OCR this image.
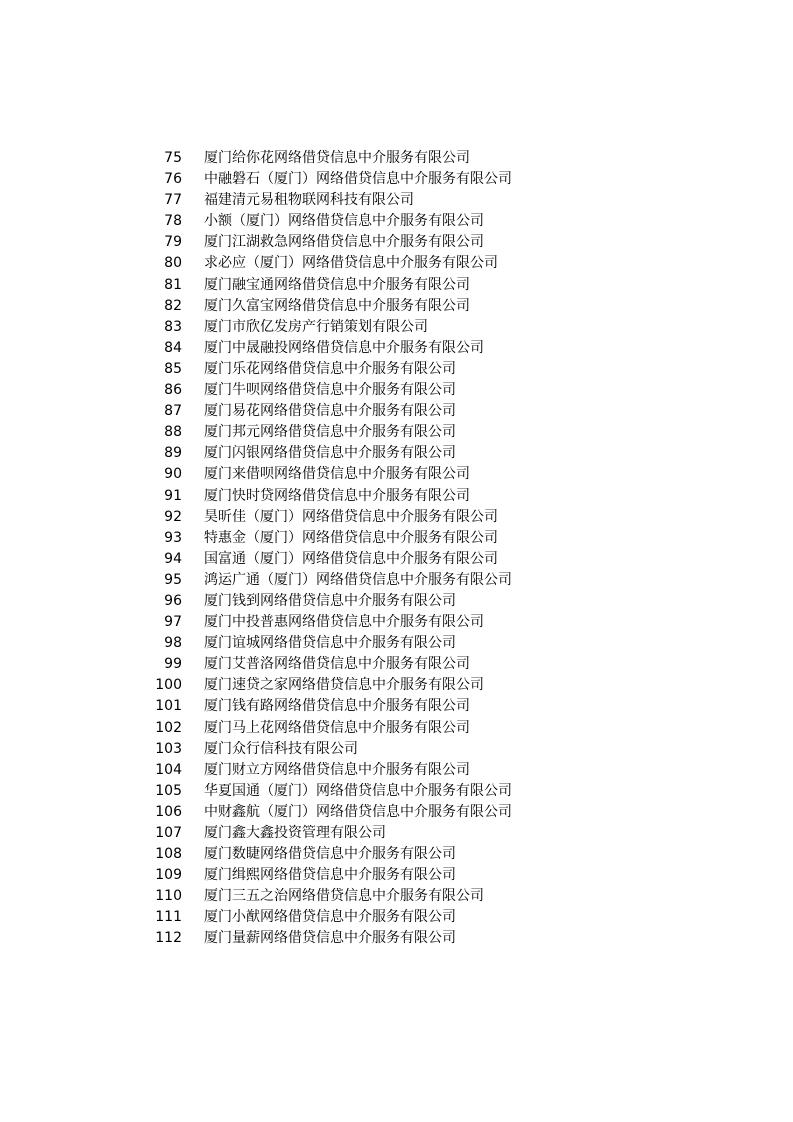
75 厦门给你花网络借贷信息中介服务有限公司
76 中融磐石（厦门）网络借贷信息中介服务有限公司
77 福建清元易租物联网科技有限公司
78 小额（厦门）网络借贷信息中介服务有限公司
79 厦门江湖救急网络借贷信息中介服务有限公司
80 求必应（厦门）网络借贷信息中介服务有限公司
81 厦门融宝通网络借贷信息中介服务有限公司
82 厦门久富宝网络借贷信息中介服务有限公司
83 厦门市欣亿发房产行销策划有限公司
84 厦门中晟融投网络借贷信息中介服务有限公司
85 厦门乐花网络借贷信息中介服务有限公司
86 厦门牛呗网络借贷信息中介服务有限公司
87 厦门易花网络借贷信息中介服务有限公司
88 厦门邦元网络借贷信息中介服务有限公司
89 厦门闪银网络借贷信息中介服务有限公司
90 厦门来借呗网络借贷信息中介服务有限公司
91 厦门快时贷网络借贷信息中介服务有限公司
92 昊昕佳（厦门）网络借贷信息中介服务有限公司
93 特惠金（厦门）网络借贷信息中介服务有限公司
94 国富通（厦门）网络借贷信息中介服务有限公司
95 鸿运广通（厦门）网络借贷信息中介服务有限公司
96 厦门钱到网络借贷信息中介服务有限公司
97 厦门中投普惠网络借贷信息中介服务有限公司
98 厦门谊城网络借贷信息中介服务有限公司
99 厦门艾普洛网络借贷信息中介服务有限公司
100 厦门速贷之家网络借贷信息中介服务有限公司
101 厦门钱有路网络借贷信息中介服务有限公司
102 厦门马上花网络借贷信息中介服务有限公司
103 厦门众行信科技有限公司
104 厦门财立方网络借贷信息中介服务有限公司
105 华夏国通（厦门）网络借贷信息中介服务有限公司
106 中财鑫航（厦门）网络借贷信息中介服务有限公司
107 厦门鑫大鑫投资管理有限公司
108 厦门数睫网络借贷信息中介服务有限公司
109 厦门缉熙网络借贷信息中介服务有限公司
110 厦门三五之治网络借贷信息中介服务有限公司
111 厦门小猷网络借贷信息中介服务有限公司
112 厦门量薪网络借贷信息中介服务有限公司
